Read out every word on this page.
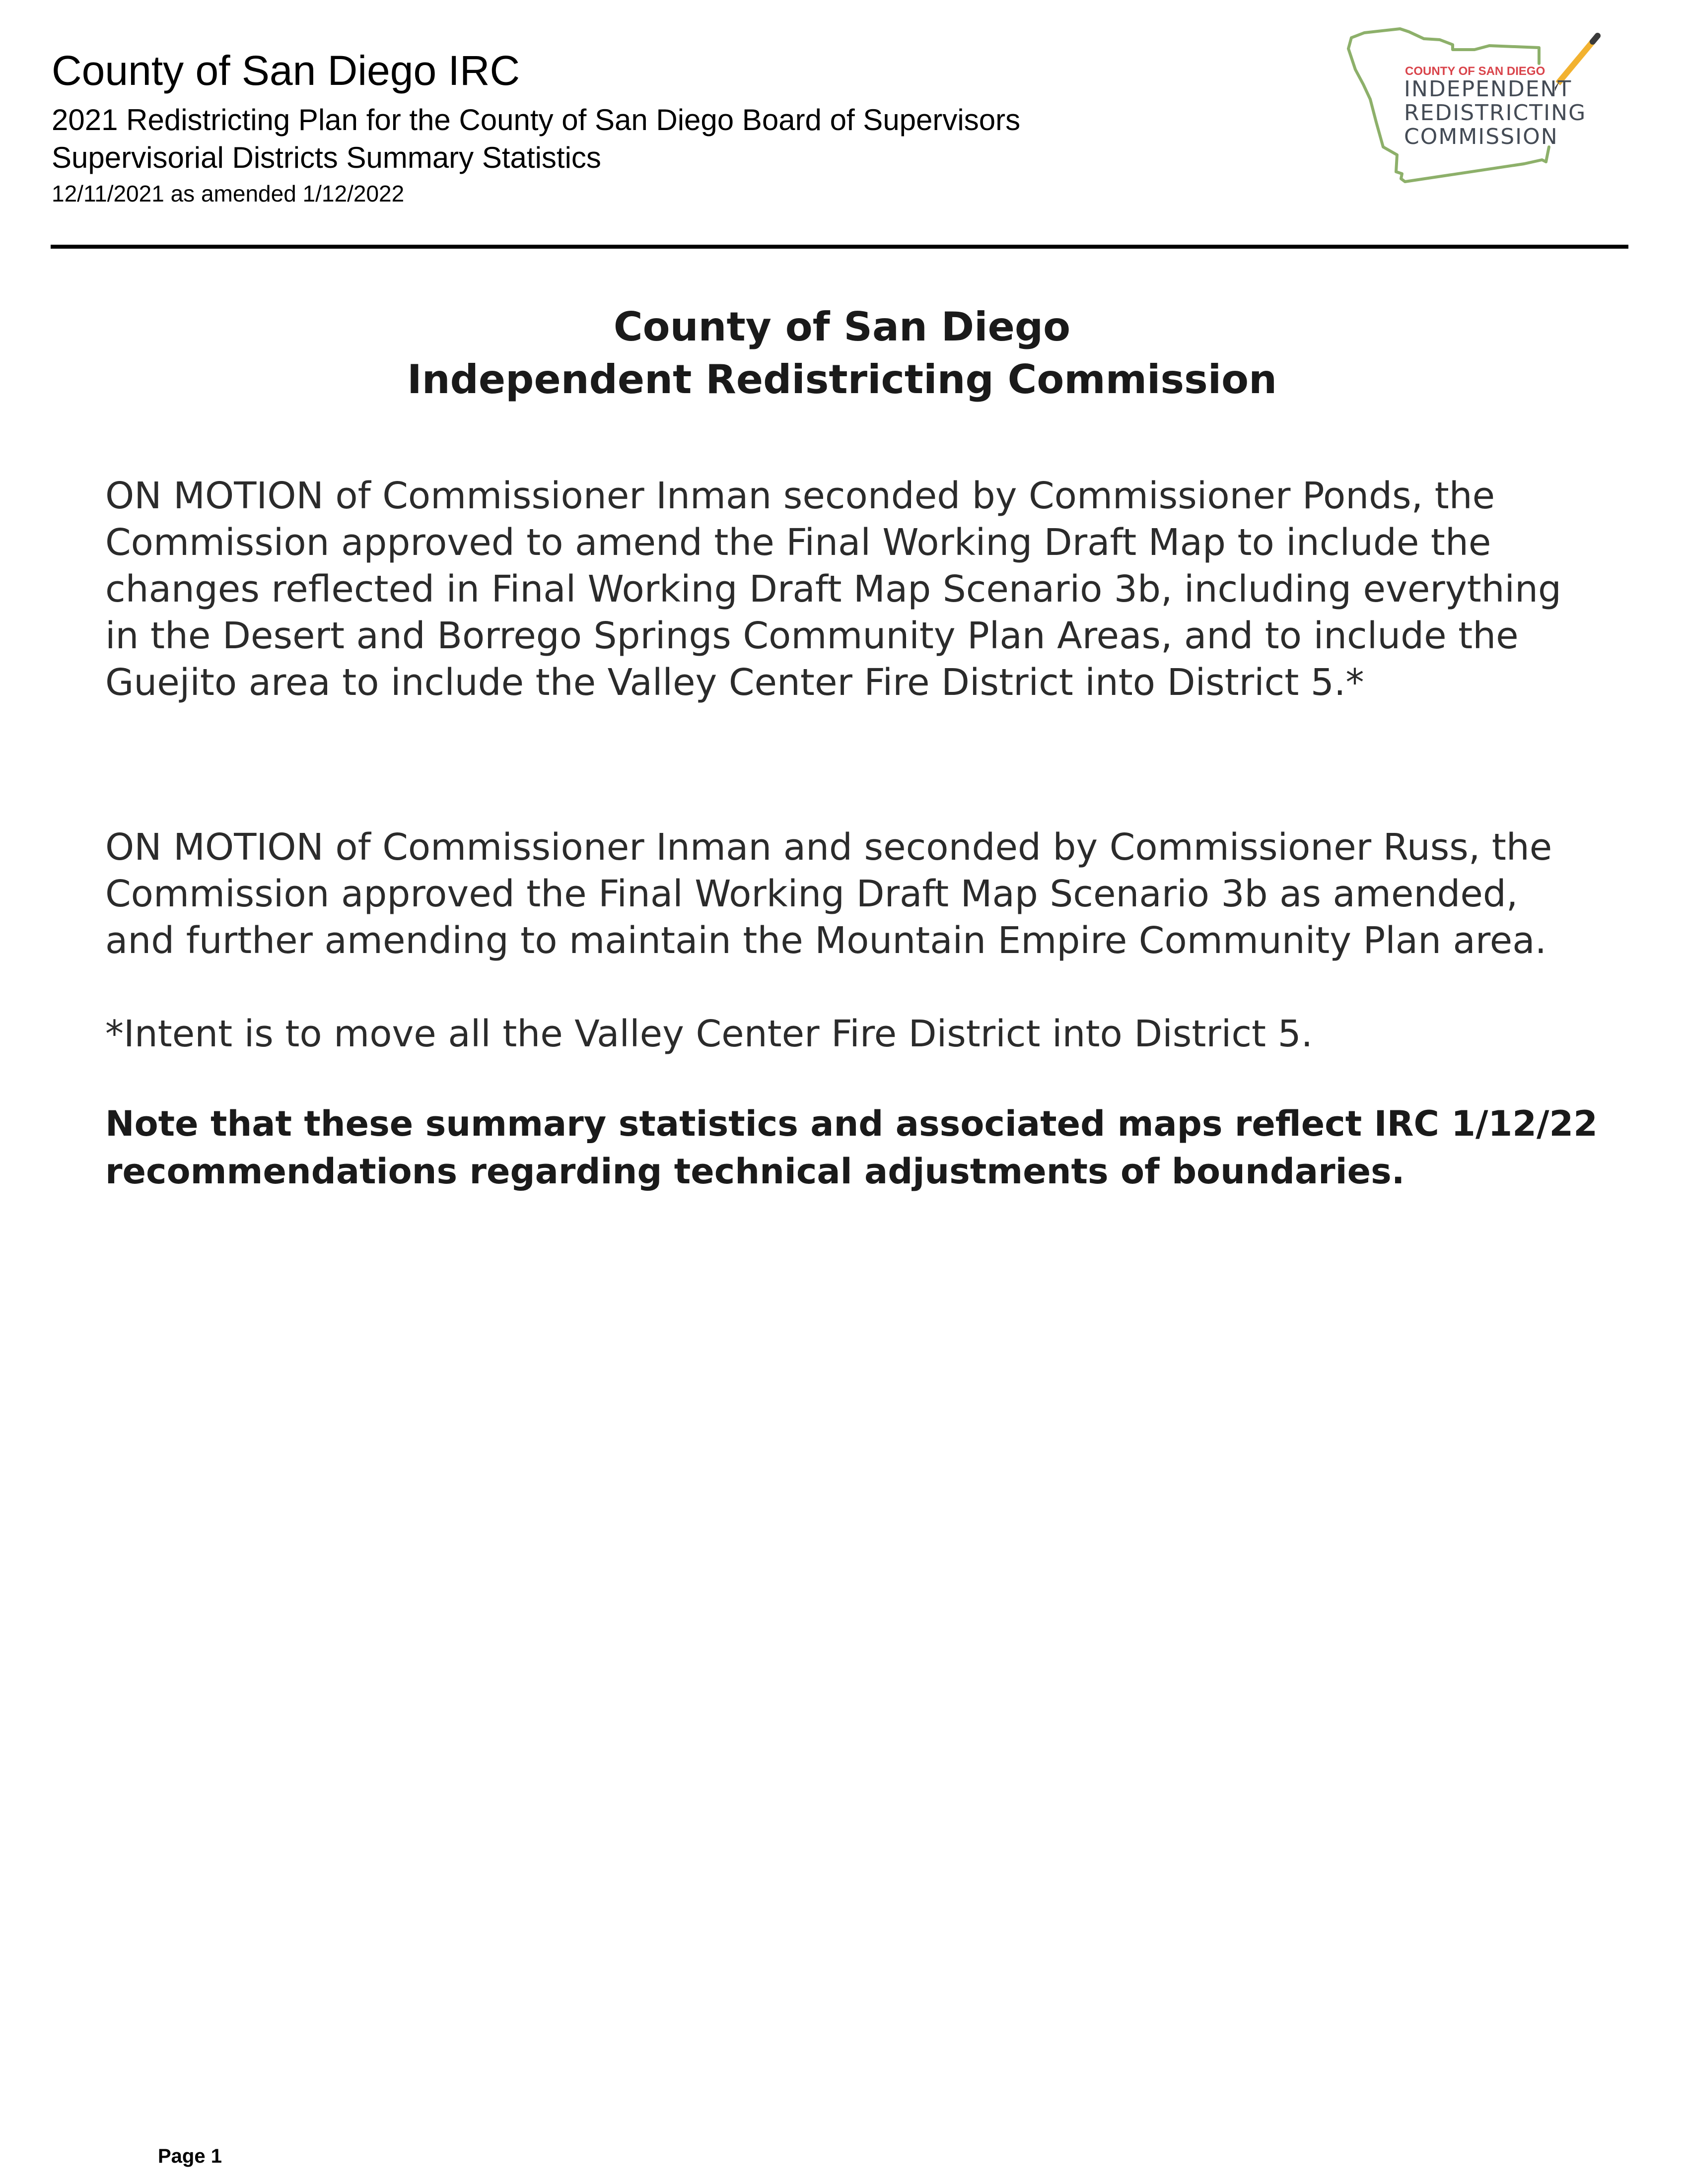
County of San Diego IRC
2021 Redistricting Plan for the County of San Diego Board of Supervisors
Supervisorial Districts Summary Statistics
12/11/2021 as amended 1/12/2022
COUNTY OF SAN DIEGO
INDEPENDENT
REDISTRICTING
COMMISSION
County of San Diego
Independent Redistricting Commission
ON MOTION of Commissioner Inman seconded by Commissioner Ponds, the
Commission approved to amend the Final Working Draft Map to include the
changes reflected in Final Working Draft Map Scenario 3b, including everything
in the Desert and Borrego Springs Community Plan Areas, and to include the
Guejito area to include the Valley Center Fire District into District 5.*
ON MOTION of Commissioner Inman and seconded by Commissioner Russ, the
Commission approved the Final Working Draft Map Scenario 3b as amended,
and further amending to maintain the Mountain Empire Community Plan area.
*Intent is to move all the Valley Center Fire District into District 5.
Note that these summary statistics and associated maps reflect IRC 1/12/22
recommendations regarding technical adjustments of boundaries.
Page 1
